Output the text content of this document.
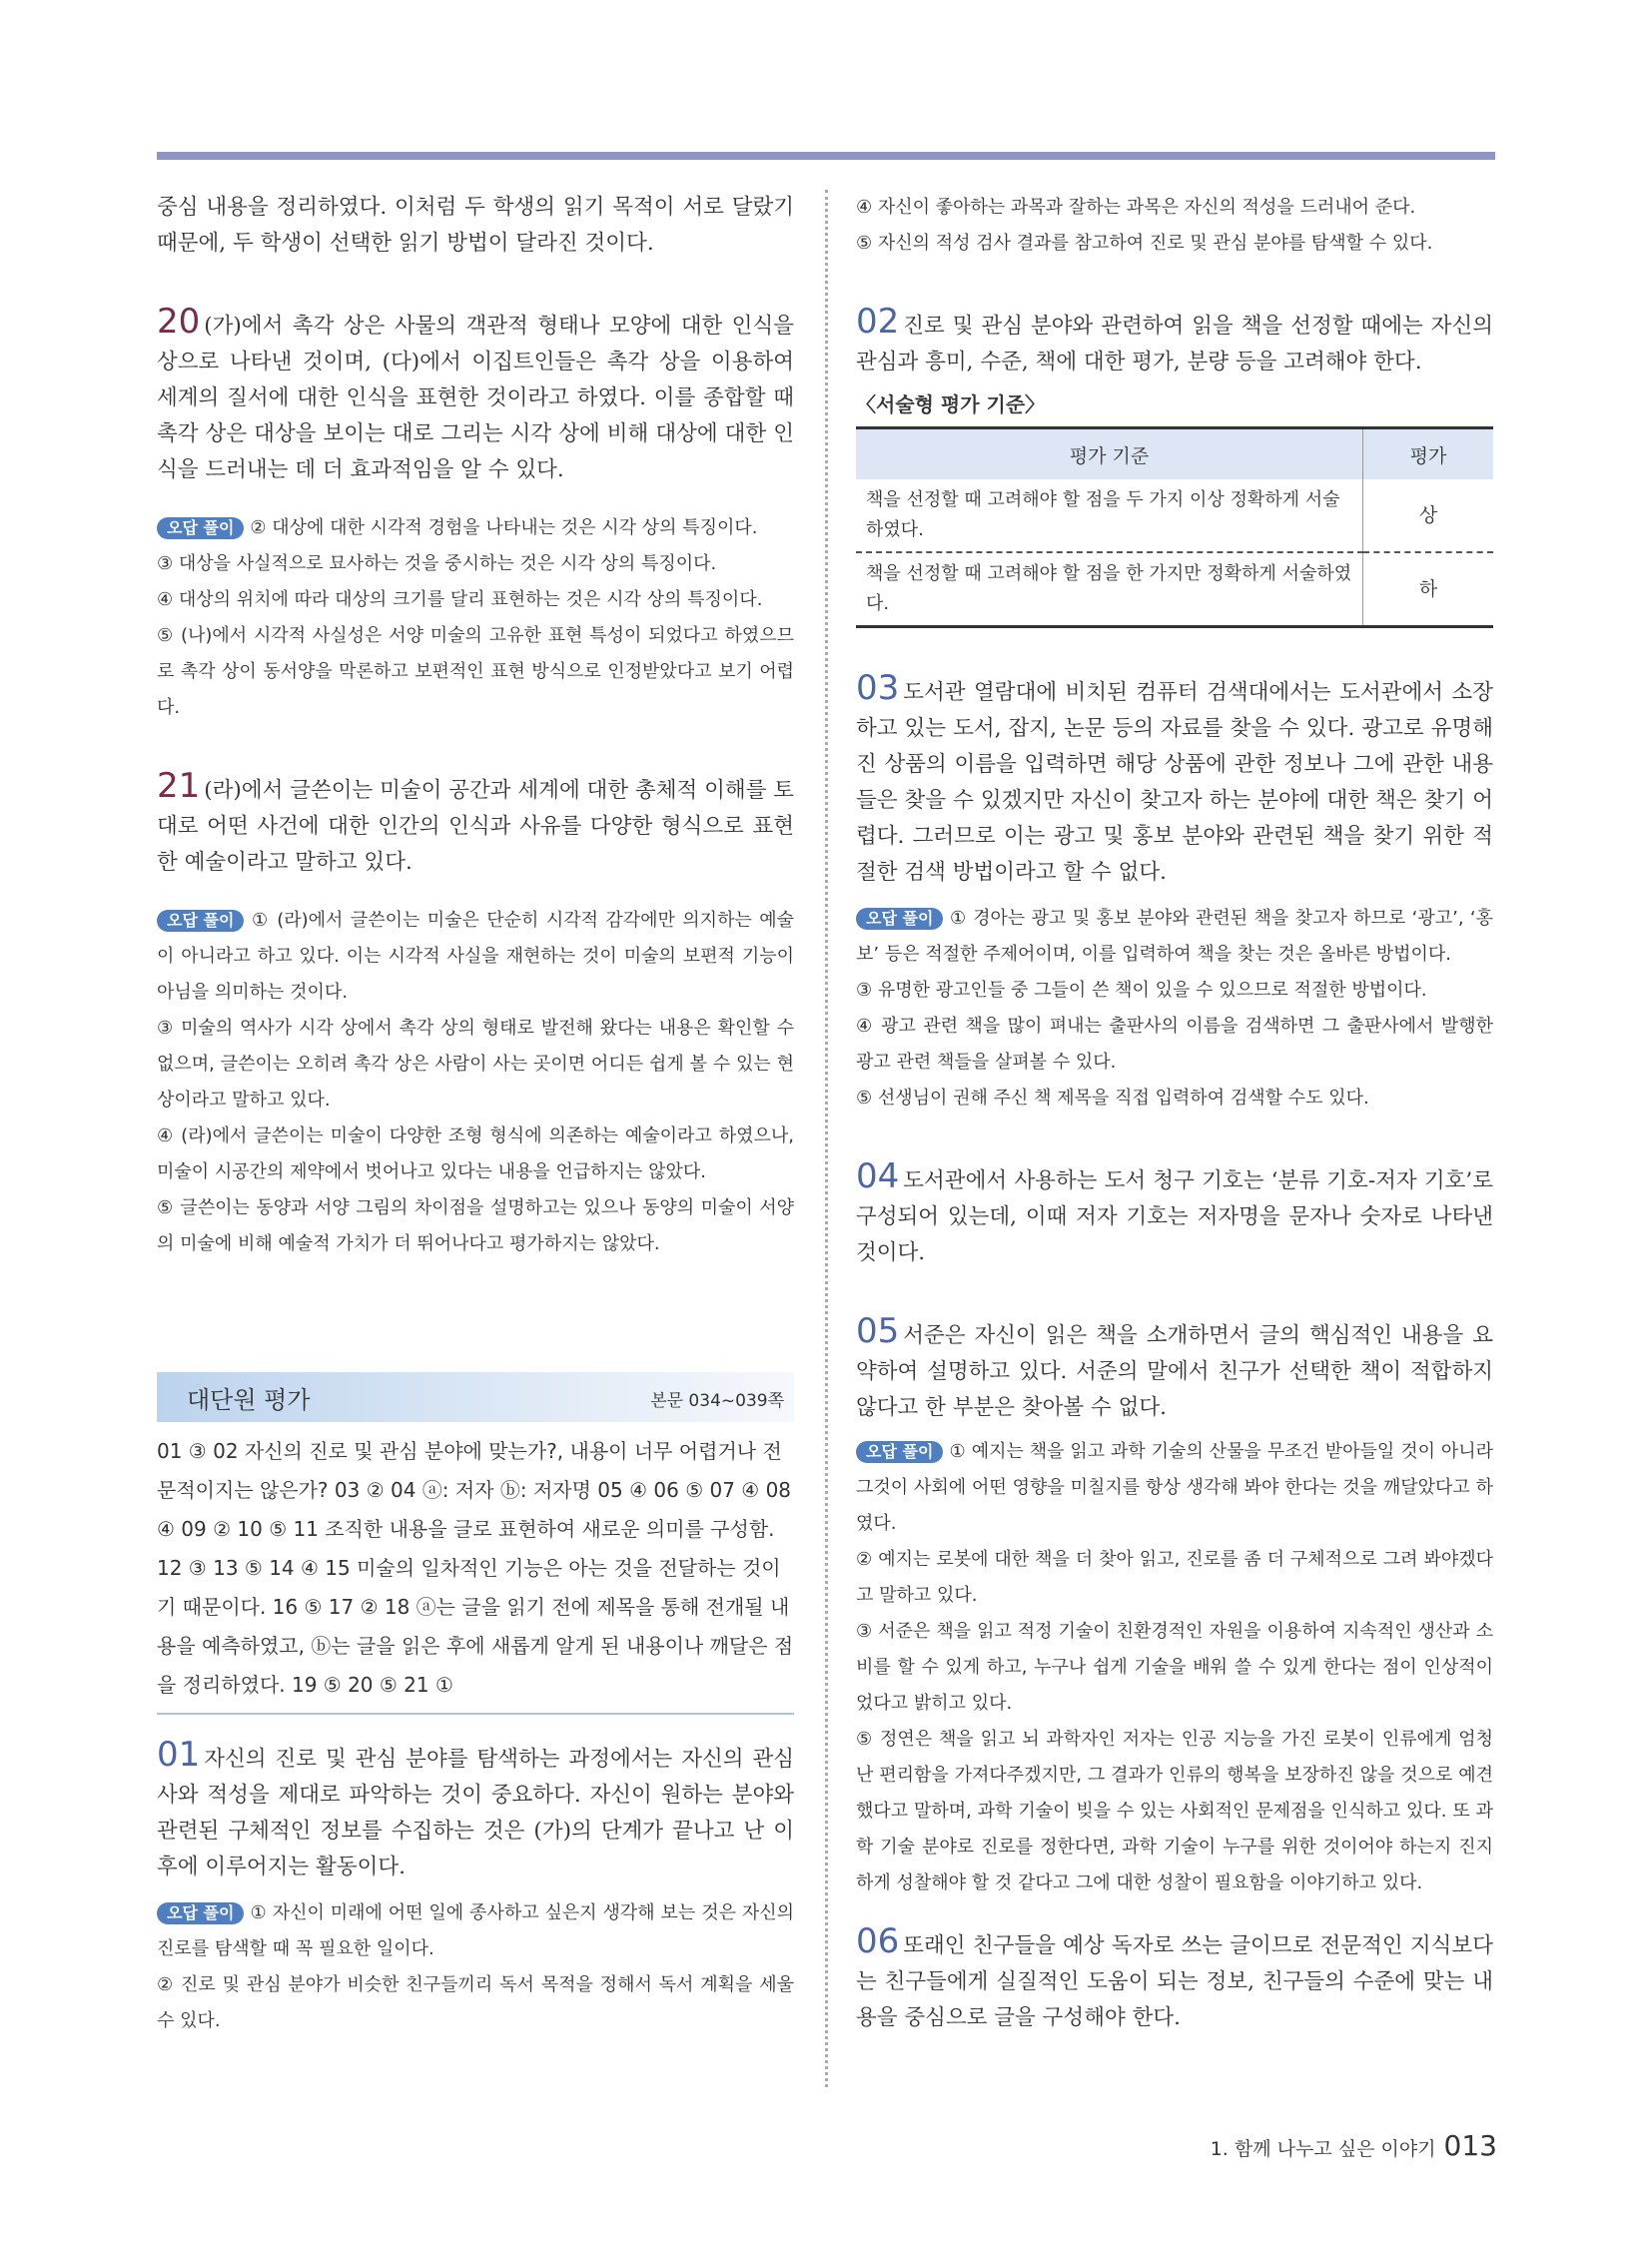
중심 내용을 정리하였다. 이처럼 두 학생의 읽기 목적이 서로 달랐기 때문에, 두 학생이 선택한 읽기 방법이 달라진 것이다.

20 (가)에서 촉각 상은 사물의 객관적 형태나 모양에 대한 인식을 상으로 나타낸 것이며, (다)에서 이집트인들은 촉각 상을 이용하여 세계의 질서에 대한 인식을 표현한 것이라고 하였다. 이를 종합할 때 촉각 상은 대상을 보이는 대로 그리는 시각 상에 비해 대상에 대한 인식을 드러내는 데 더 효과적임을 알 수 있다.

오답 풀이 ② 대상에 대한 시각적 경험을 나타내는 것은 시각 상의 특징이다.

③ 대상을 사실적으로 묘사하는 것을 중시하는 것은 시각 상의 특징이다.

④ 대상의 위치에 따라 대상의 크기를 달리 표현하는 것은 시각 상의 특징이다.

⑤ (나)에서 시각적 사실성은 서양 미술의 고유한 표현 특성이 되었다고 하였으므로 촉각 상이 동서양을 막론하고 보편적인 표현 방식으로 인정받았다고 보기 어렵다.

21 (라)에서 글쓴이는 미술이 공간과 세계에 대한 총체적 이해를 토대로 어떤 사건에 대한 인간의 인식과 사유를 다양한 형식으로 표현한 예술이라고 말하고 있다.

오답 풀이 ① (라)에서 글쓴이는 미술은 단순히 시각적 감각에만 의지하는 예술이 아니라고 하고 있다. 이는 시각적 사실을 재현하는 것이 미술의 보편적 기능이 아님을 의미하는 것이다.

③ 미술의 역사가 시각 상에서 촉각 상의 형태로 발전해 왔다는 내용은 확인할 수 없으며, 글쓴이는 오히려 촉각 상은 사람이 사는 곳이면 어디든 쉽게 볼 수 있는 현상이라고 말하고 있다.

④ (라)에서 글쓴이는 미술이 다양한 조형 형식에 의존하는 예술이라고 하였으나, 미술이 시공간의 제약에서 벗어나고 있다는 내용을 언급하지는 않았다.

⑤ 글쓴이는 동양과 서양 그림의 차이점을 설명하고는 있으나 동양의 미술이 서양의 미술에 비해 예술적 가치가 더 뛰어나다고 평가하지는 않았다.

대단원 평가	본문 034~039쪽

01 ③ 02 자신의 진로 및 관심 분야에 맞는가?, 내용이 너무 어렵거나 전문적이지는 않은가? 03 ② 04 ⓐ: 저자 ⓑ: 저자명 05 ④ 06 ⑤ 07 ④ 08 ④ 09 ② 10 ⑤ 11 조직한 내용을 글로 표현하여 새로운 의미를 구성함. 12 ③ 13 ⑤ 14 ④ 15 미술의 일차적인 기능은 아는 것을 전달하는 것이기 때문이다. 16 ⑤ 17 ② 18 ⓐ는 글을 읽기 전에 제목을 통해 전개될 내용을 예측하였고, ⓑ는 글을 읽은 후에 새롭게 알게 된 내용이나 깨달은 점을 정리하였다. 19 ⑤ 20 ⑤ 21 ①

01 자신의 진로 및 관심 분야를 탐색하는 과정에서는 자신의 관심사와 적성을 제대로 파악하는 것이 중요하다. 자신이 원하는 분야와 관련된 구체적인 정보를 수집하는 것은 (가)의 단계가 끝나고 난 이후에 이루어지는 활동이다.

오답 풀이 ① 자신이 미래에 어떤 일에 종사하고 싶은지 생각해 보는 것은 자신의 진로를 탐색할 때 꼭 필요한 일이다.

② 진로 및 관심 분야가 비슷한 친구들끼리 독서 목적을 정해서 독서 계획을 세울 수 있다.

④ 자신이 좋아하는 과목과 잘하는 과목은 자신의 적성을 드러내어 준다.

⑤ 자신의 적성 검사 결과를 참고하여 진로 및 관심 분야를 탐색할 수 있다.

02 진로 및 관심 분야와 관련하여 읽을 책을 선정할 때에는 자신의 관심과 흥미, 수준, 책에 대한 평가, 분량 등을 고려해야 한다.

〈서술형 평가 기준〉

평가 기준	평가
책을 선정할 때 고려해야 할 점을 두 가지 이상 정확하게 서술하였다.	상
책을 선정할 때 고려해야 할 점을 한 가지만 정확하게 서술하였다.	하

03 도서관 열람대에 비치된 컴퓨터 검색대에서는 도서관에서 소장하고 있는 도서, 잡지, 논문 등의 자료를 찾을 수 있다. 광고로 유명해진 상품의 이름을 입력하면 해당 상품에 관한 정보나 그에 관한 내용들은 찾을 수 있겠지만 자신이 찾고자 하는 분야에 대한 책은 찾기 어렵다. 그러므로 이는 광고 및 홍보 분야와 관련된 책을 찾기 위한 적절한 검색 방법이라고 할 수 없다.

오답 풀이 ① 경아는 광고 및 홍보 분야와 관련된 책을 찾고자 하므로 ‘광고’, ‘홍보’ 등은 적절한 주제어이며, 이를 입력하여 책을 찾는 것은 올바른 방법이다.

③ 유명한 광고인들 중 그들이 쓴 책이 있을 수 있으므로 적절한 방법이다.

④ 광고 관련 책을 많이 펴내는 출판사의 이름을 검색하면 그 출판사에서 발행한 광고 관련 책들을 살펴볼 수 있다.

⑤ 선생님이 권해 주신 책 제목을 직접 입력하여 검색할 수도 있다.

04 도서관에서 사용하는 도서 청구 기호는 ‘분류 기호-저자 기호’로 구성되어 있는데, 이때 저자 기호는 저자명을 문자나 숫자로 나타낸 것이다.

05 서준은 자신이 읽은 책을 소개하면서 글의 핵심적인 내용을 요약하여 설명하고 있다. 서준의 말에서 친구가 선택한 책이 적합하지 않다고 한 부분은 찾아볼 수 없다.

오답 풀이 ① 예지는 책을 읽고 과학 기술의 산물을 무조건 받아들일 것이 아니라 그것이 사회에 어떤 영향을 미칠지를 항상 생각해 봐야 한다는 것을 깨달았다고 하였다.

② 예지는 로봇에 대한 책을 더 찾아 읽고, 진로를 좀 더 구체적으로 그려 봐야겠다고 말하고 있다.

③ 서준은 책을 읽고 적정 기술이 친환경적인 자원을 이용하여 지속적인 생산과 소비를 할 수 있게 하고, 누구나 쉽게 기술을 배워 쓸 수 있게 한다는 점이 인상적이었다고 밝히고 있다.

⑤ 정연은 책을 읽고 뇌 과학자인 저자는 인공 지능을 가진 로봇이 인류에게 엄청난 편리함을 가져다주겠지만, 그 결과가 인류의 행복을 보장하진 않을 것으로 예견했다고 말하며, 과학 기술이 빚을 수 있는 사회적인 문제점을 인식하고 있다. 또 과학 기술 분야로 진로를 정한다면, 과학 기술이 누구를 위한 것이어야 하는지 진지하게 성찰해야 할 것 같다고 그에 대한 성찰이 필요함을 이야기하고 있다.

06 또래인 친구들을 예상 독자로 쓰는 글이므로 전문적인 지식보다는 친구들에게 실질적인 도움이 되는 정보, 친구들의 수준에 맞는 내용을 중심으로 글을 구성해야 한다.

1. 함께 나누고 싶은 이야기 013
